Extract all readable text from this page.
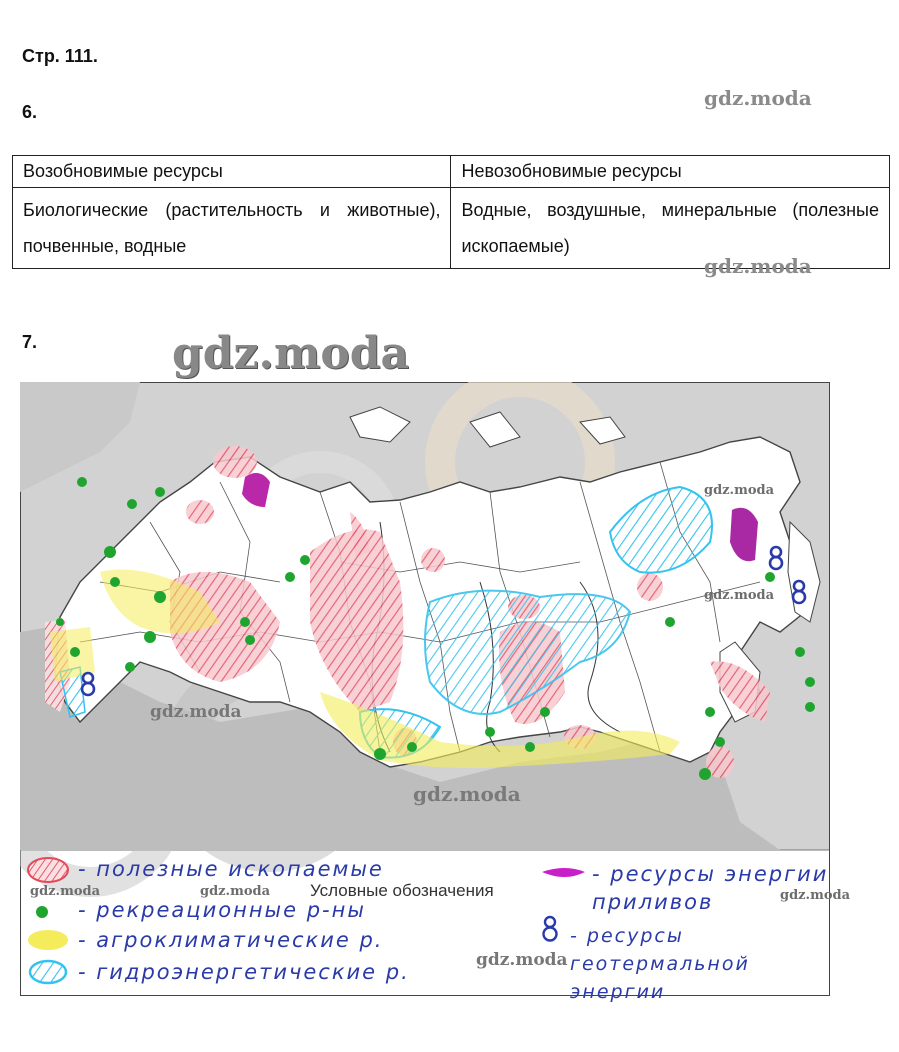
Стр. 111.
6.
gdz.moda
Возобновимые ресурсы	Невозобновимые ресурсы
Биологические (растительность и животные), почвенные, водные	Водные, воздушные, минеральные (полезные ископаемые)
gdz.moda
7.	gdz.moda
- полезные ископаемые
- рекреационные р-ны
- агроклиматические р.
- гидроэнергетические р.
- ресурсы энергии приливов
- ресурсы геотермальной энергии
Условные обозначения
gdz.moda
gdz.moda
gdz.moda
gdz.moda
gdz.moda	gdz.moda	gdz.moda
gdz.moda
